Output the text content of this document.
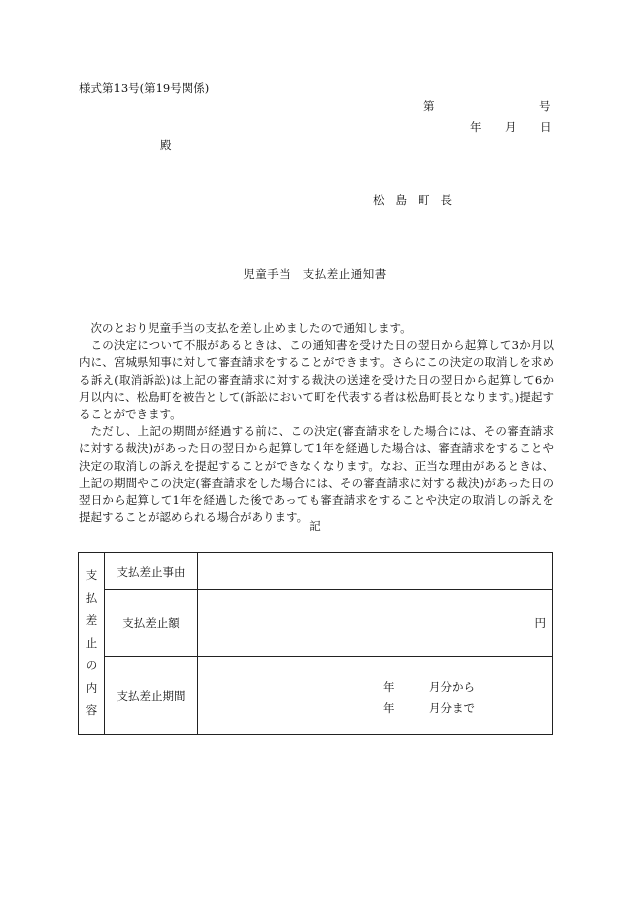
様式第13号(第19号関係)
第	号
年 月 日
殿
松島町長
児童手当　 支払差止通知書

次のとおり児童手当の支払を差し止めましたので通知します。

この決定について不服があるときは、この通知書を受けた日の翌日から起算して3か月以内に、宮城県知事に対して審査請求をすることができます。さらにこの決定の取消しを求める訴え(取消訴訟)は上記の審査請求に対する裁決の送達を受けた日の翌日から起算して6か月以内に、松島町を被告として(訴訟において町を代表する者は松島町長となります。)提起することができます。

ただし、上記の期間が経過する前に、この決定(審査請求をした場合には、その審査請求に対する裁決)があった日の翌日から起算して1年を経過した場合は、審査請求をすることや決定の取消しの訴えを提起することができなくなります。なお、正当な理由があるときは、上記の期間やこの決定(審査請求をした場合には、その審査請求に対する裁決)があった日の翌日から起算して1年を経過した後であっても審査請求をすることや決定の取消しの訴えを提起することが認められる場合があります。

記
支
払
差
止
の
内
容
支払差止事由
支払差止額	円
支払差止期間
年	月分から
年	月分まで
